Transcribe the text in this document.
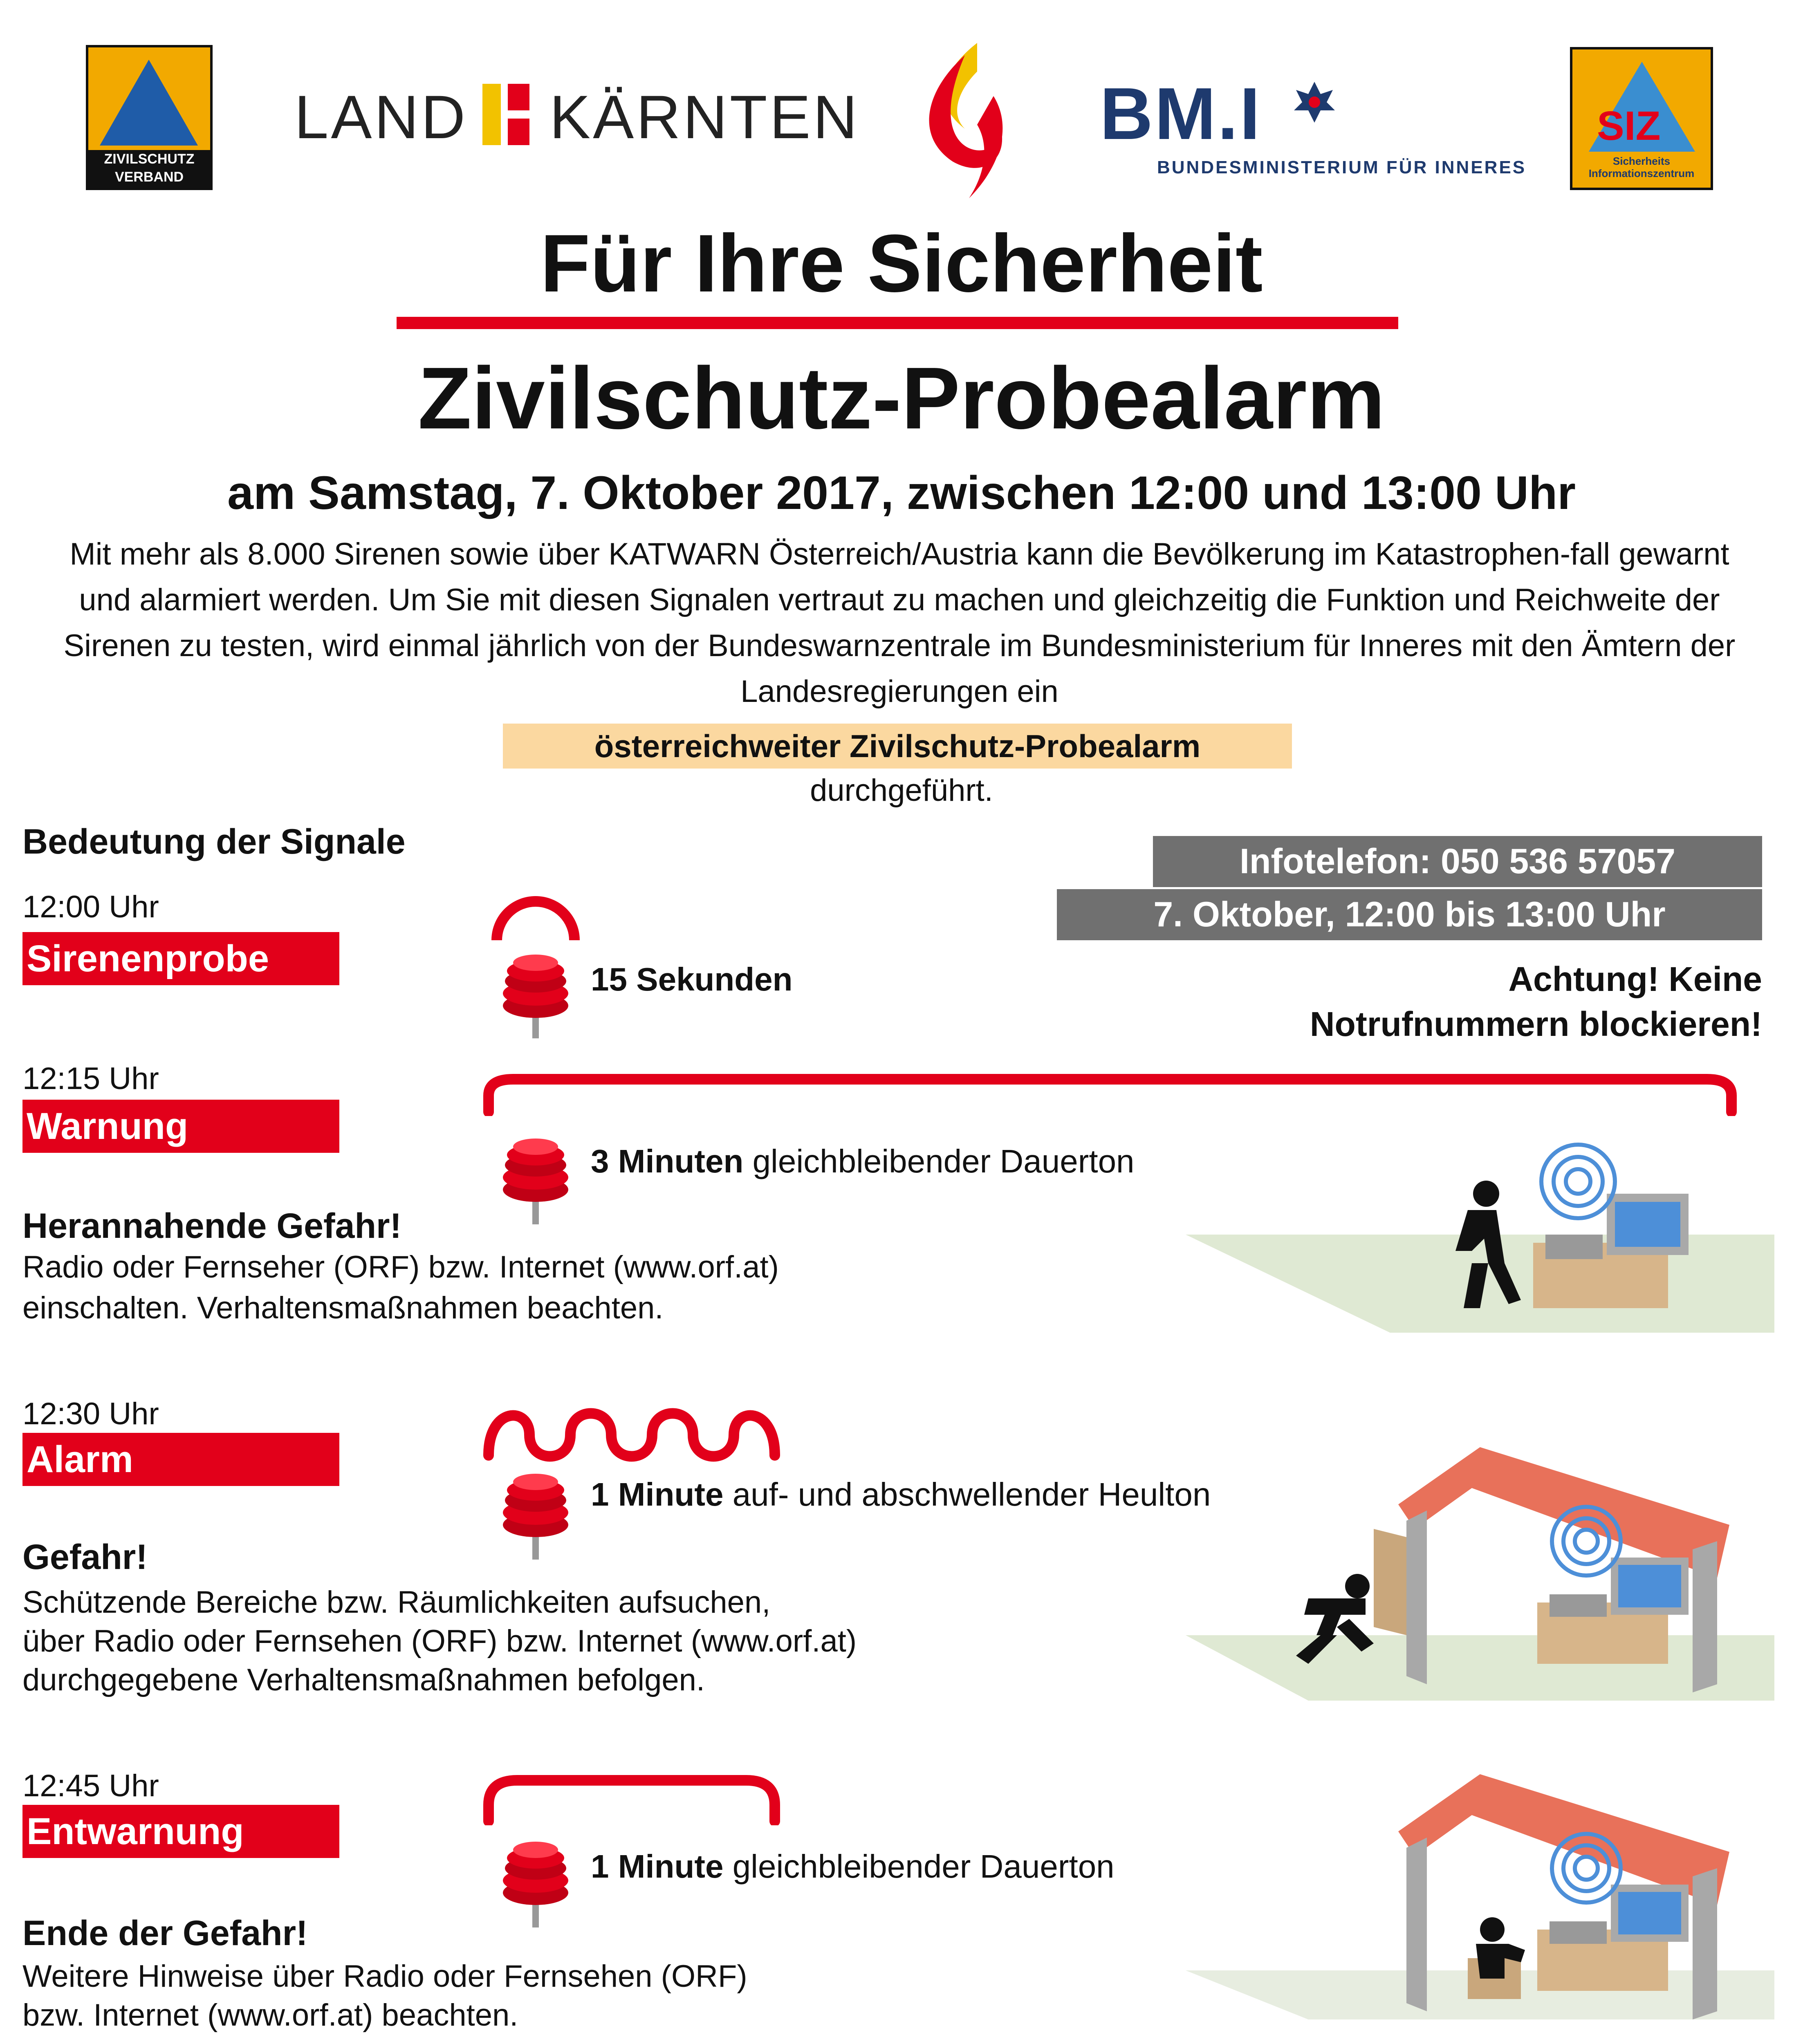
ZIVILSCHUTZ VERBAND
LAND KÄRNTEN	BM.I
BUNDESMINISTERIUM FÜR INNERES
SIZ
Sicherheits Informationszentrum
Für Ihre Sicherheit
Zivilschutz-Probealarm
am Samstag, 7. Oktober 2017, zwischen 12:00 und 13:00 Uhr
Mit mehr als 8.000 Sirenen sowie über KATWARN Österreich/Austria kann die Bevölkerung im Katastrophen-fall gewarnt und alarmiert werden. Um Sie mit diesen Signalen vertraut zu machen und gleichzeitig die Funktion und Reichweite der Sirenen zu testen, wird einmal jährlich von der Bundeswarnzentrale im Bundesministerium für Inneres mit den Ämtern der Landesregierungen ein
österreichweiter Zivilschutz-Probealarm
durchgeführt.
Bedeutung der Signale	Infotelefon: 050 536 57057
7. Oktober, 12:00 bis 13:00 Uhr
Achtung! Keine
Notrufnummern blockieren!
12:00 Uhr
Sirenenprobe	15 Sekunden
12:15 Uhr
Warnung
3 Minuten gleichbleibender Dauerton
Herannahende Gefahr!
Radio oder Fernseher (ORF) bzw. Internet (www.orf.at)
einschalten. Verhaltensmaßnahmen beachten.
12:30 Uhr
Alarm
1 Minute auf- und abschwellender Heulton
Gefahr!
Schützende Bereiche bzw. Räumlichkeiten aufsuchen,
über Radio oder Fernsehen (ORF) bzw. Internet (www.orf.at)
durchgegebene Verhaltensmaßnahmen befolgen.
12:45 Uhr
Entwarnung
1 Minute gleichbleibender Dauerton
Ende der Gefahr!
Weitere Hinweise über Radio oder Fernsehen (ORF)
bzw. Internet (www.orf.at) beachten.
